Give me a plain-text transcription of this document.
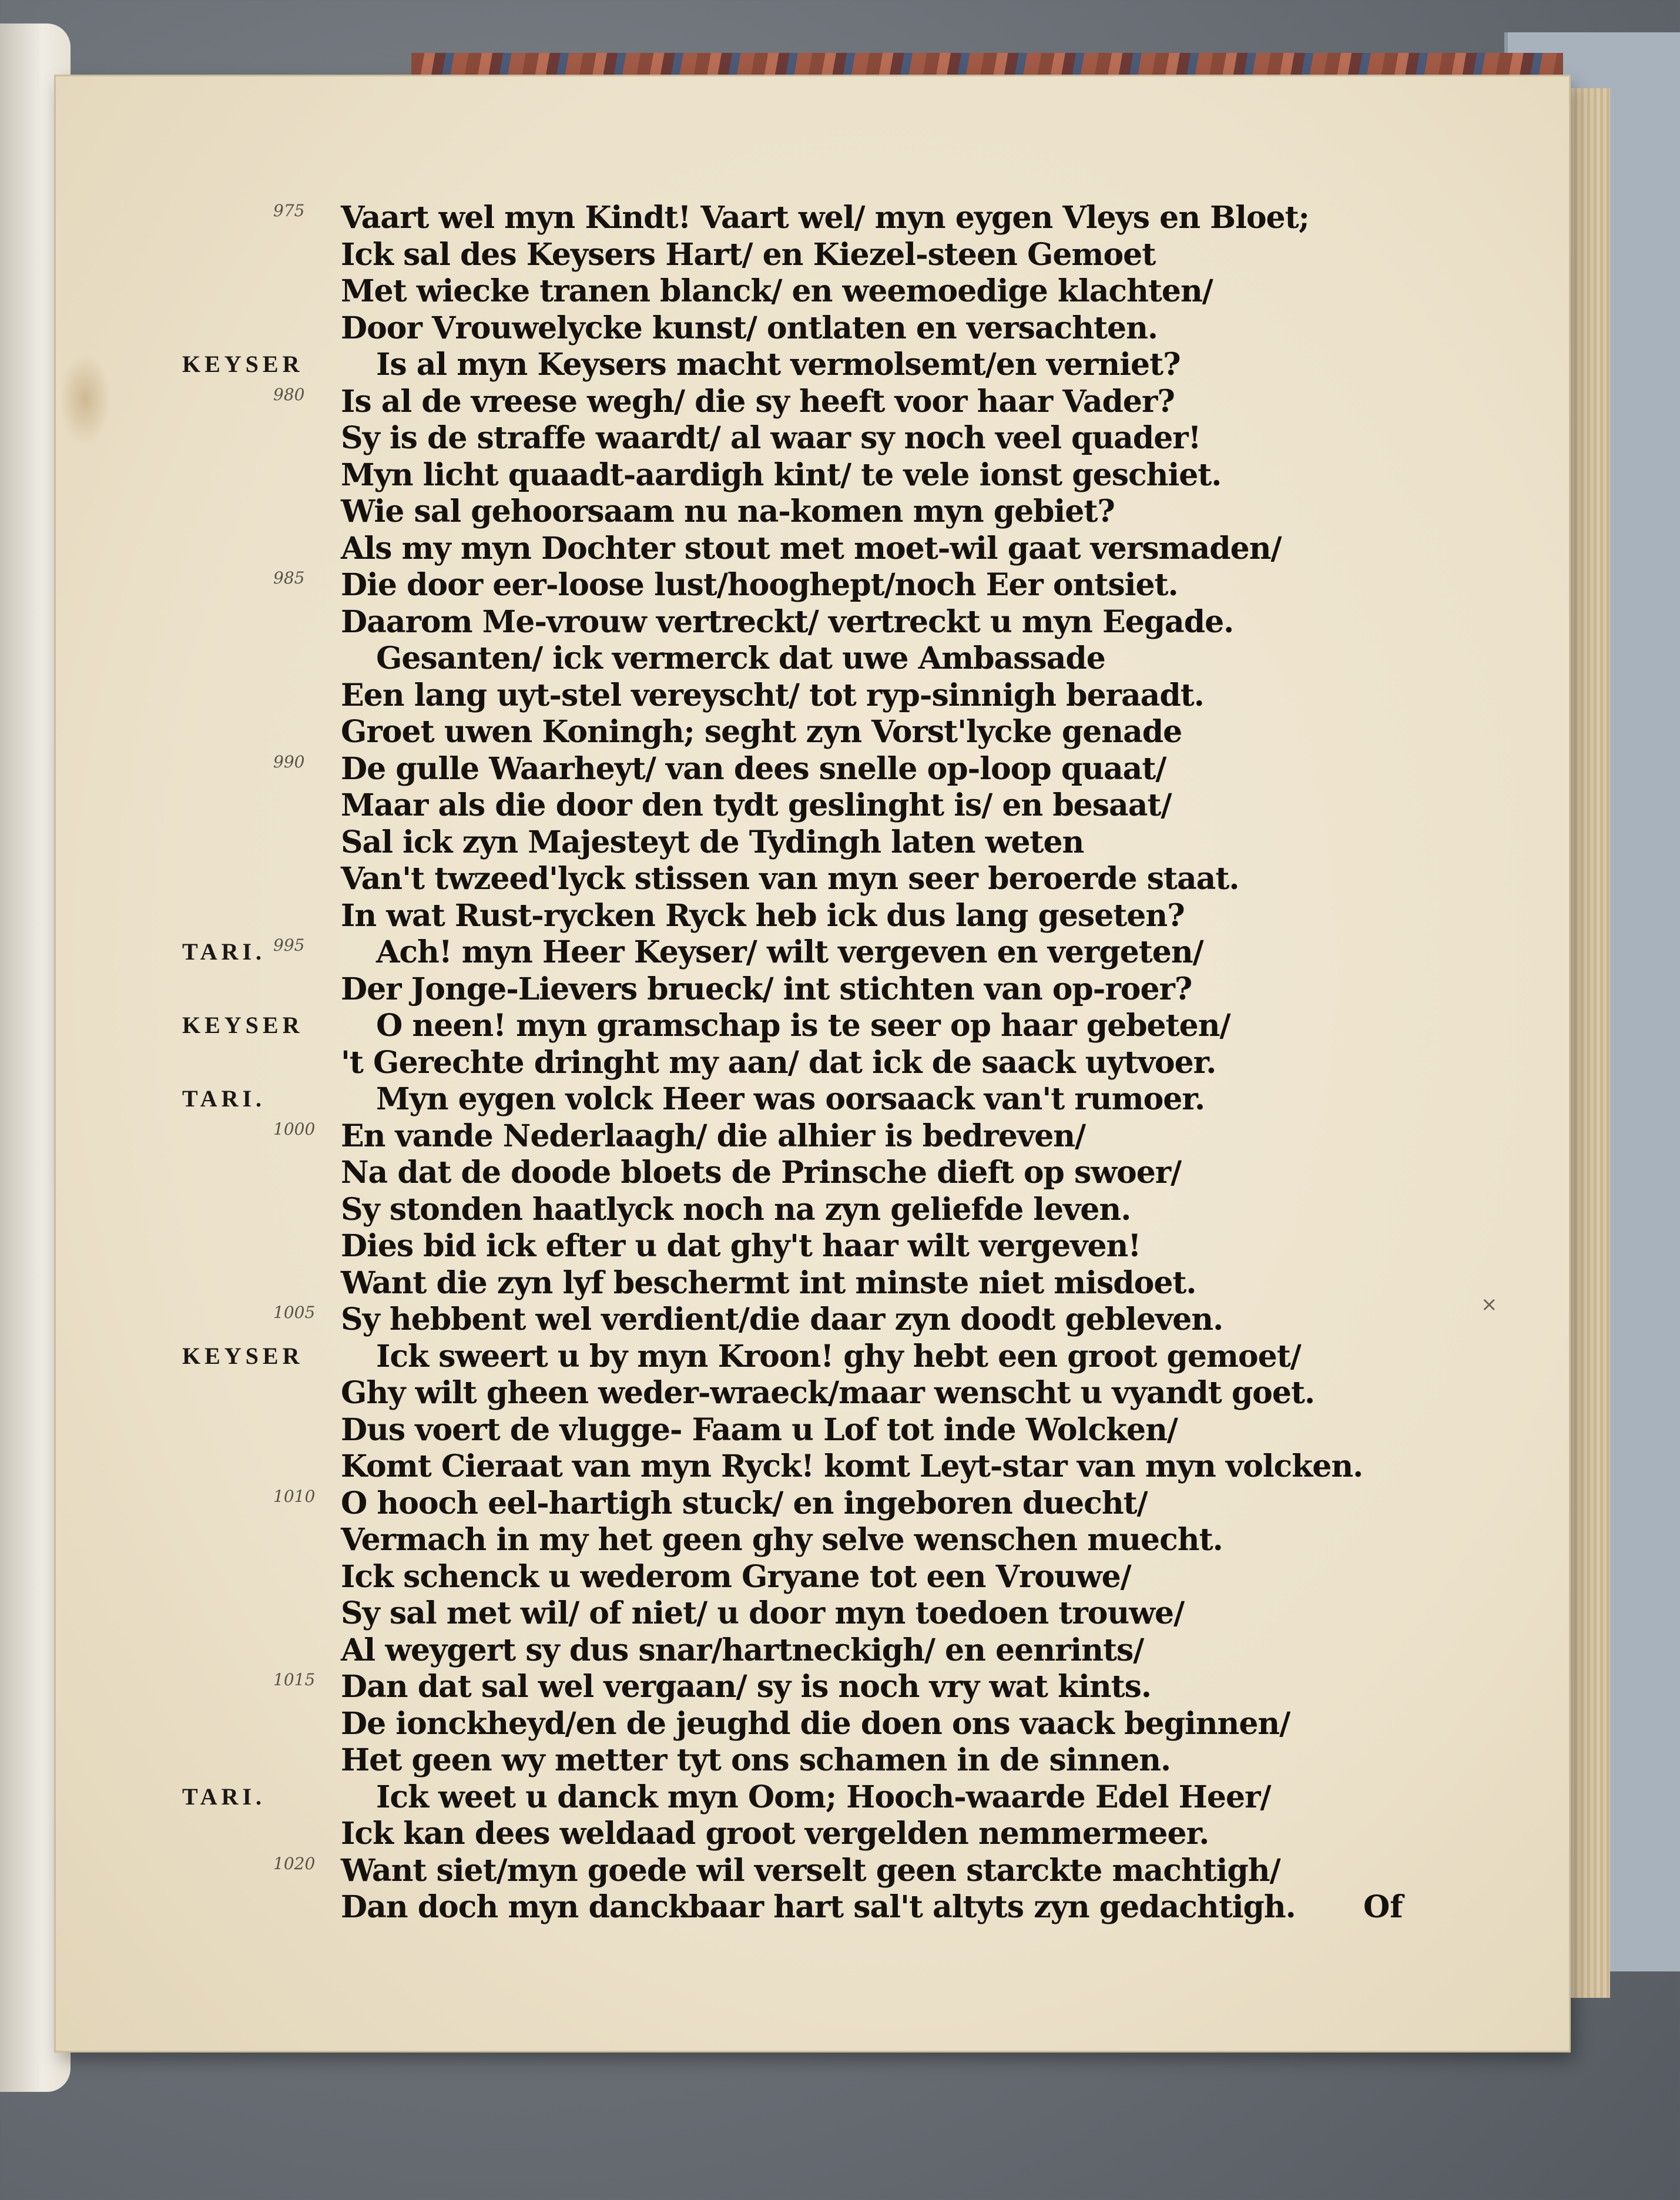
975	Vaart wel myn Kindt! Vaart wel/ myn eygen Vleys en Bloet;
Ick sal des Keysers Hart/ en Kiezel-steen Gemoet
Met wiecke tranen blanck/ en weemoedige klachten/
Door Vrouwelycke kunst/ ontlaten en versachten.
KEYSER Is al myn Keysers macht vermolsemt/en verniet?
980	Is al de vreese wegh/ die sy heeft voor haar Vader?
Sy is de straffe waardt/ al waar sy noch veel quader!
Myn licht quaadt-aardigh kint/ te vele ionst geschiet.
Wie sal gehoorsaam nu na-komen myn gebiet?
Als my myn Dochter stout met moet-wil gaat versmaden/
985	Die door eer-loose lust/hooghept/noch Eer ontsiet.
Daarom Me-vrouw vertreckt/ vertreckt u myn Eegade.
Gesanten/ ick vermerck dat uwe Ambassade
Een lang uyt-stel vereyscht/ tot ryp-sinnigh beraadt.
Groet uwen Koningh; seght zyn Vorst'lycke genade
990	De gulle Waarheyt/ van dees snelle op-loop quaat/
Maar als die door den tydt geslinght is/ en besaat/
Sal ick zyn Majesteyt de Tydingh laten weten
Van't twzeed'lyck stissen van myn seer beroerde staat.
In wat Rust-rycken Ryck heb ick dus lang geseten?
995
TARI.	Ach! myn Heer Keyser/ wilt vergeven en vergeten/
Der Jonge-Lievers brueck/ int stichten van op-roer?
KEYSER O neen! myn gramschap is te seer op haar gebeten/
't Gerechte dringht my aan/ dat ick de saack uytvoer.
TARI.	Myn eygen volck Heer was oorsaack van't rumoer.
1000 En vande Nederlaagh/ die alhier is bedreven/
Na dat de doode bloets de Prinsche dieft op swoer/
Sy stonden haatlyck noch na zyn geliefde leven.
Dies bid ick efter u dat ghy't haar wilt vergeven!
Want die zyn lyf beschermt int minste niet misdoet.
1005 Sy hebbent wel verdient/die daar zyn doodt gebleven.
KEYSER Ick sweert u by myn Kroon! ghy hebt een groot gemoet/
Ghy wilt gheen weder-wraeck/maar wenscht u vyandt goet.
Dus voert de vlugge- Faam u Lof tot inde Wolcken/
Komt Cieraat van myn Ryck! komt Leyt-star van myn volcken.
1010 O hooch eel-hartigh stuck/ en ingeboren duecht/
Vermach in my het geen ghy selve wenschen muecht.
Ick schenck u wederom Gryane tot een Vrouwe/
Sy sal met wil/ of niet/ u door myn toedoen trouwe/
Al weygert sy dus snar/hartneckigh/ en eenrints/
1015 Dan dat sal wel vergaan/ sy is noch vry wat kints.
De ionckheyd/en de jeughd die doen ons vaack beginnen/
Het geen wy metter tyt ons schamen in de sinnen.
TARI.	Ick weet u danck myn Oom; Hooch-waarde Edel Heer/
Ick kan dees weldaad groot vergelden nemmermeer.
1020 Want siet/myn goede wil verselt geen starckte machtigh/
Dan doch myn danckbaar hart sal't altyts zyn gedachtigh. Of
×
